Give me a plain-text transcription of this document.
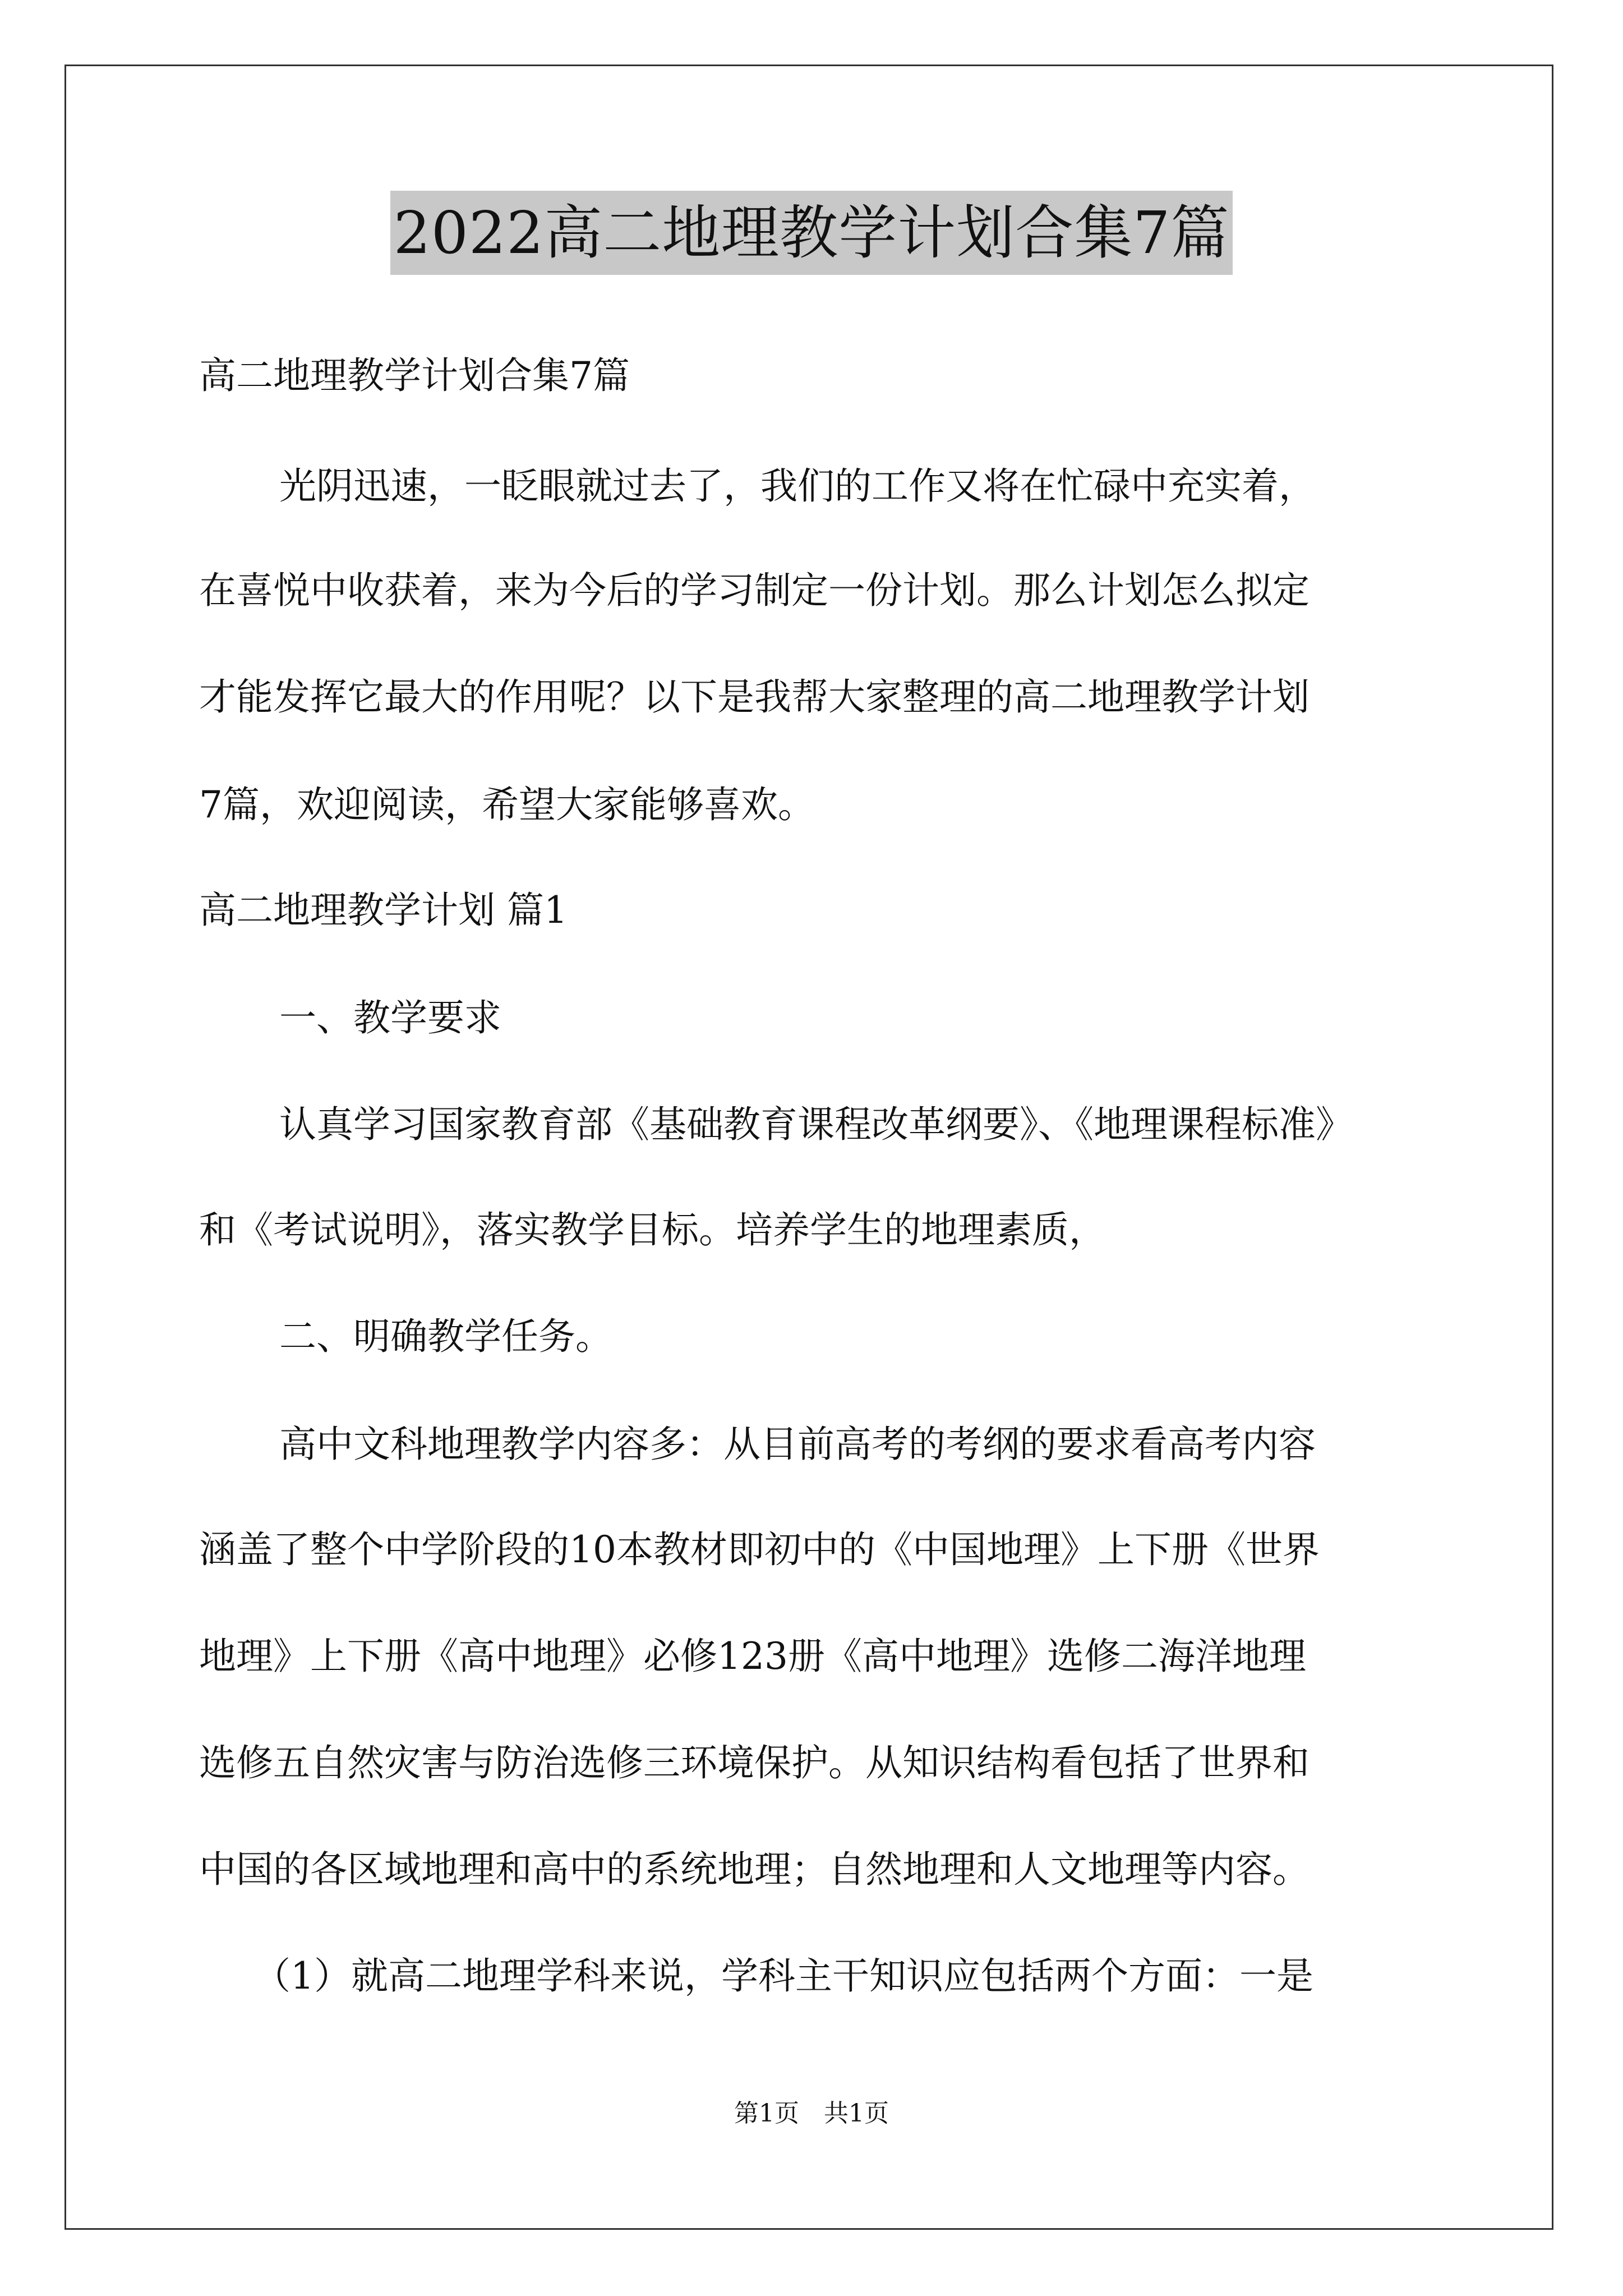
2022高二地理教学计划合集7篇
高二地理教学计划合集7篇
光阴迅速，一眨眼就过去了，我们的工作又将在忙碌中充实着，
在喜悦中收获着，来为今后的学习制定一份计划。那么计划怎么拟定
才能发挥它最大的作用呢？以下是我帮大家整理的高二地理教学计划
7篇，欢迎阅读，希望大家能够喜欢。
高二地理教学计划 篇1
一、教学要求
认真学习国家教育部《基础教育课程改革纲要》、《地理课程标准》
和《考试说明》，落实教学目标。培养学生的地理素质，
二、明确教学任务。
高中文科地理教学内容多：从目前高考的考纲的要求看高考内容
涵盖了整个中学阶段的10本教材即初中的《中国地理》上下册《世界
地理》上下册《高中地理》必修123册《高中地理》选修二海洋地理
选修五自然灾害与防治选修三环境保护。从知识结构看包括了世界和
中国的各区域地理和高中的系统地理；自然地理和人文地理等内容。
（1）就高二地理学科来说，学科主干知识应包括两个方面：一是
第1页　共1页
